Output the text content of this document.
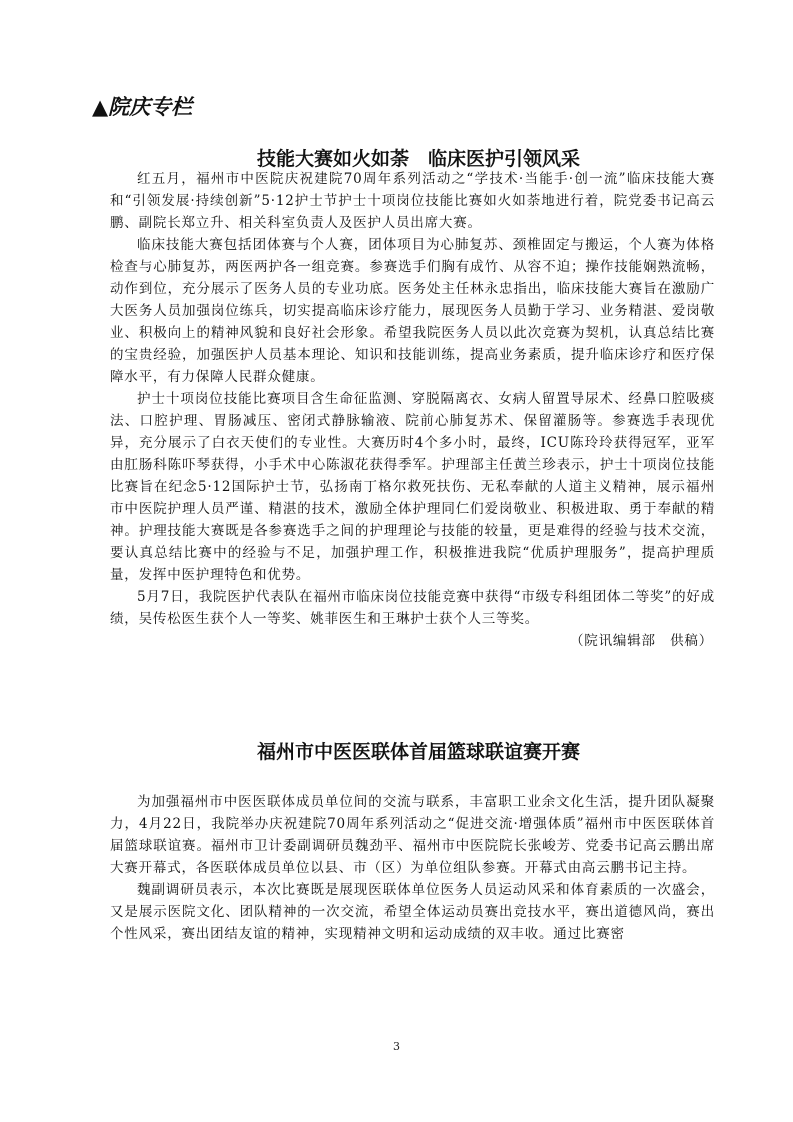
▲院庆专栏
技能大赛如火如荼　临床医护引领风采

红五月，福州市中医院庆祝建院70周年系列活动之“学技术·当能手·创一流”临床技能大赛和“引领发展·持续创新”5·12护士节护士十项岗位技能比赛如火如荼地进行着，院党委书记高云鹏、副院长郑立升、相关科室负责人及医护人员出席大赛。

临床技能大赛包括团体赛与个人赛，团体项目为心肺复苏、颈椎固定与搬运，个人赛为体格检查与心肺复苏，两医两护各一组竞赛。参赛选手们胸有成竹、从容不迫；操作技能娴熟流畅，动作到位，充分展示了医务人员的专业功底。医务处主任林永忠指出，临床技能大赛旨在激励广大医务人员加强岗位练兵，切实提高临床诊疗能力，展现医务人员勤于学习、业务精湛、爱岗敬业、积极向上的精神风貌和良好社会形象。希望我院医务人员以此次竞赛为契机，认真总结比赛的宝贵经验，加强医护人员基本理论、知识和技能训练，提高业务素质，提升临床诊疗和医疗保障水平，有力保障人民群众健康。

护士十项岗位技能比赛项目含生命征监测、穿脱隔离衣、女病人留置导尿术、经鼻口腔吸痰法、口腔护理、胃肠减压、密闭式静脉输液、院前心肺复苏术、保留灌肠等。参赛选手表现优异，充分展示了白衣天使们的专业性。大赛历时4个多小时，最终，ICU陈玲玲获得冠军，亚军由肛肠科陈吓琴获得，小手术中心陈淑花获得季军。护理部主任黄兰珍表示，护士十项岗位技能比赛旨在纪念5·12国际护士节，弘扬南丁格尔救死扶伤、无私奉献的人道主义精神，展示福州市中医院护理人员严谨、精湛的技术，激励全体护理同仁们爱岗敬业、积极进取、勇于奉献的精神。护理技能大赛既是各参赛选手之间的护理理论与技能的较量，更是难得的经验与技术交流，要认真总结比赛中的经验与不足，加强护理工作，积极推进我院“优质护理服务”，提高护理质量，发挥中医护理特色和优势。

5月7日，我院医护代表队在福州市临床岗位技能竞赛中获得“市级专科组团体二等奖”的好成绩，吴传松医生获个人一等奖、姚菲医生和王琳护士获个人三等奖。

（院讯编辑部　供稿）

福州市中医医联体首届篮球联谊赛开赛

为加强福州市中医医联体成员单位间的交流与联系，丰富职工业余文化生活，提升团队凝聚力，4月22日，我院举办庆祝建院70周年系列活动之“促进交流·增强体质”福州市中医医联体首届篮球联谊赛。福州市卫计委副调研员魏劲平、福州市中医院院长张峻芳、党委书记高云鹏出席大赛开幕式，各医联体成员单位以县、市（区）为单位组队参赛。开幕式由高云鹏书记主持。

魏副调研员表示，本次比赛既是展现医联体单位医务人员运动风采和体育素质的一次盛会，又是展示医院文化、团队精神的一次交流，希望全体运动员赛出竞技水平，赛出道德风尚，赛出个性风采，赛出团结友谊的精神，实现精神文明和运动成绩的双丰收。通过比赛密

3
